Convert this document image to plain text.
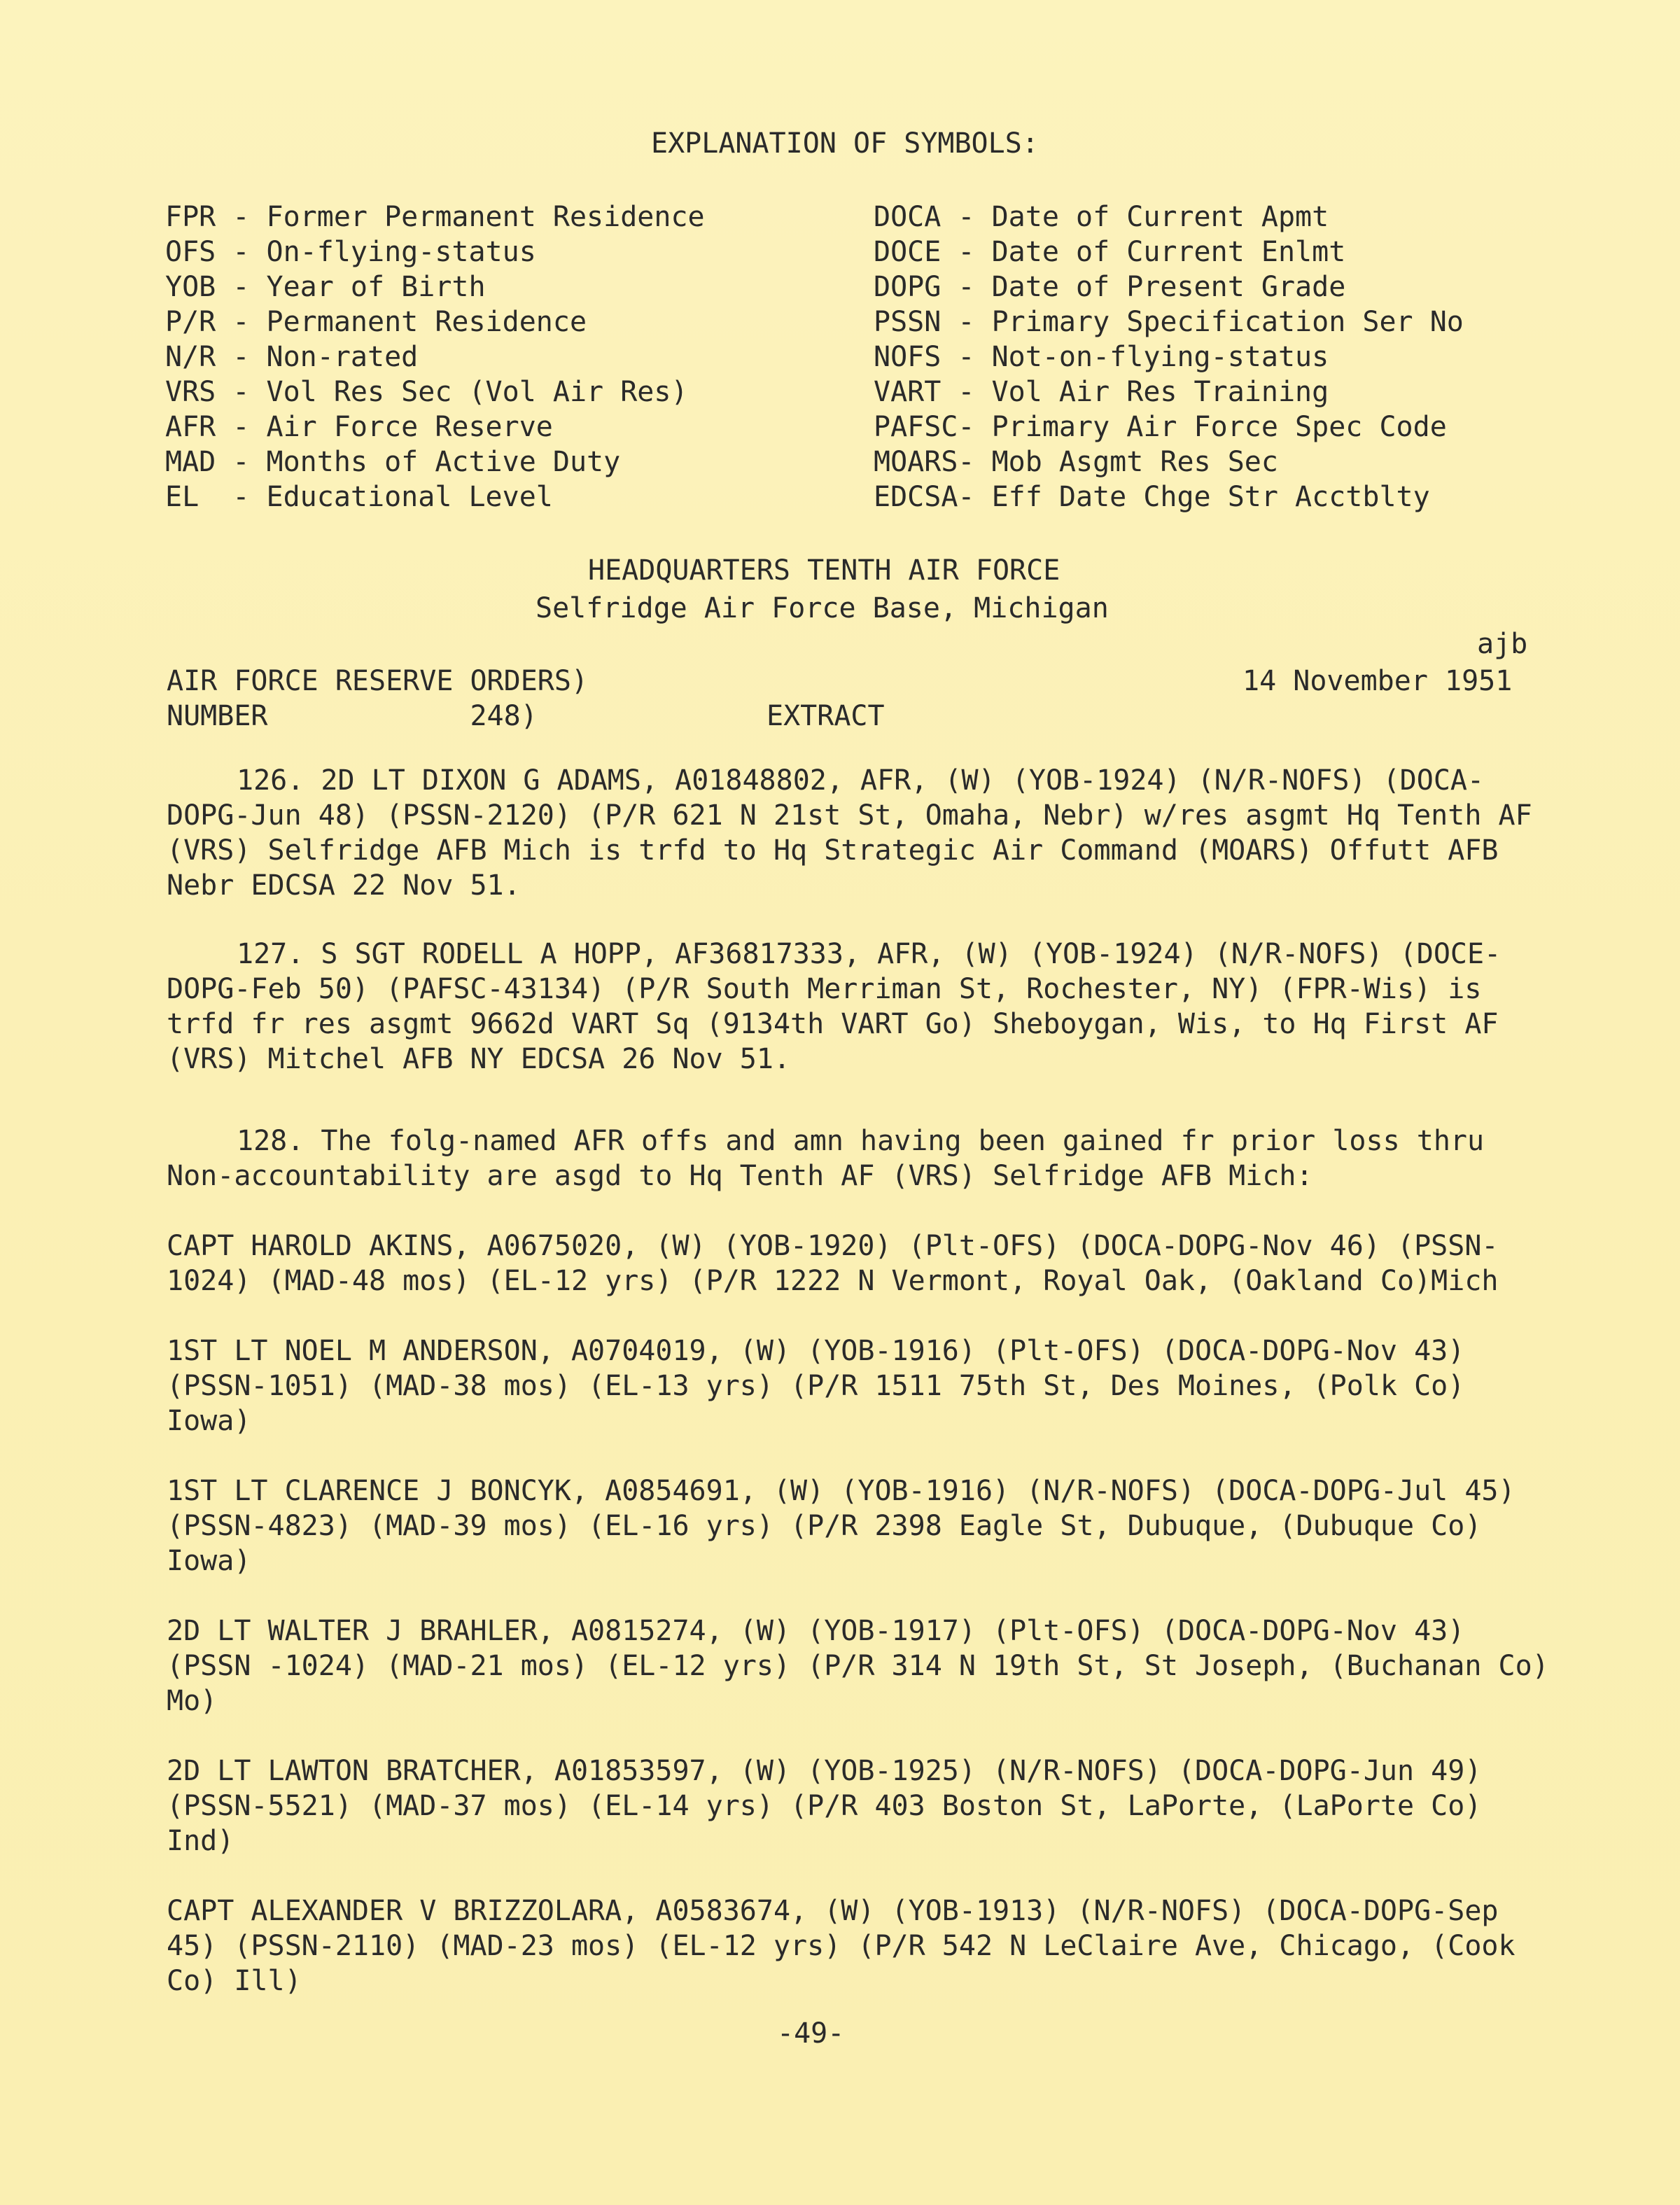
EXPLANATION OF SYMBOLS:
FPR - Former Permanent Residence
OFS - On-flying-status
YOB - Year of Birth
P/R - Permanent Residence
N/R - Non-rated
VRS - Vol Res Sec (Vol Air Res)
AFR - Air Force Reserve
MAD - Months of Active Duty
EL  - Educational Level
DOCA - Date of Current Apmt
DOCE - Date of Current Enlmt
DOPG - Date of Present Grade
PSSN - Primary Specification Ser No
NOFS - Not-on-flying-status
VART - Vol Air Res Training
PAFSC- Primary Air Force Spec Code
MOARS- Mob Asgmt Res Sec
EDCSA- Eff Date Chge Str Acctblty
HEADQUARTERS TENTH AIR FORCE
Selfridge Air Force Base, Michigan
ajb
AIR FORCE RESERVE ORDERS)
NUMBER            248)	EXTRACT
14 November 1951
126. 2D LT DIXON G ADAMS, A01848802, AFR, (W) (YOB-1924) (N/R-NOFS) (DOCA-DOPG-Jun 48) (PSSN-2120) (P/R 621 N 21st St, Omaha, Nebr) w/res asgmt Hq Tenth AF (VRS) Selfridge AFB Mich is trfd to Hq Strategic Air Command (MOARS) Offutt AFB Nebr EDCSA 22 Nov 51.
127. S SGT RODELL A HOPP, AF36817333, AFR, (W) (YOB-1924) (N/R-NOFS) (DOCE-DOPG-Feb 50) (PAFSC-43134) (P/R South Merriman St, Rochester, NY) (FPR-Wis) is trfd fr res asgmt 9662d VART Sq (9134th VART Go) Sheboygan, Wis, to Hq First AF (VRS) Mitchel AFB NY EDCSA 26 Nov 51.
128. The folg-named AFR offs and amn having been gained fr prior loss thru Non-accountability are asgd to Hq Tenth AF (VRS) Selfridge AFB Mich:
CAPT HAROLD AKINS, A0675020, (W) (YOB-1920) (Plt-OFS) (DOCA-DOPG-Nov 46) (PSSN-1024) (MAD-48 mos) (EL-12 yrs) (P/R 1222 N Vermont, Royal Oak, (Oakland Co)Mich
1ST LT NOEL M ANDERSON, A0704019, (W) (YOB-1916) (Plt-OFS) (DOCA-DOPG-Nov 43) (PSSN-1051) (MAD-38 mos) (EL-13 yrs) (P/R 1511 75th St, Des Moines, (Polk Co) Iowa)
1ST LT CLARENCE J BONCYK, A0854691, (W) (YOB-1916) (N/R-NOFS) (DOCA-DOPG-Jul 45) (PSSN-4823) (MAD-39 mos) (EL-16 yrs) (P/R 2398 Eagle St, Dubuque, (Dubuque Co) Iowa)
2D LT WALTER J BRAHLER, A0815274, (W) (YOB-1917) (Plt-OFS) (DOCA-DOPG-Nov 43) (PSSN -1024) (MAD-21 mos) (EL-12 yrs) (P/R 314 N 19th St, St Joseph, (Buchanan Co) Mo)
2D LT LAWTON BRATCHER, A01853597, (W) (YOB-1925) (N/R-NOFS) (DOCA-DOPG-Jun 49) (PSSN-5521) (MAD-37 mos) (EL-14 yrs) (P/R 403 Boston St, LaPorte, (LaPorte Co) Ind)
CAPT ALEXANDER V BRIZZOLARA, A0583674, (W) (YOB-1913) (N/R-NOFS) (DOCA-DOPG-Sep 45) (PSSN-2110) (MAD-23 mos) (EL-12 yrs) (P/R 542 N LeClaire Ave, Chicago, (Cook Co) Ill)
-49-
